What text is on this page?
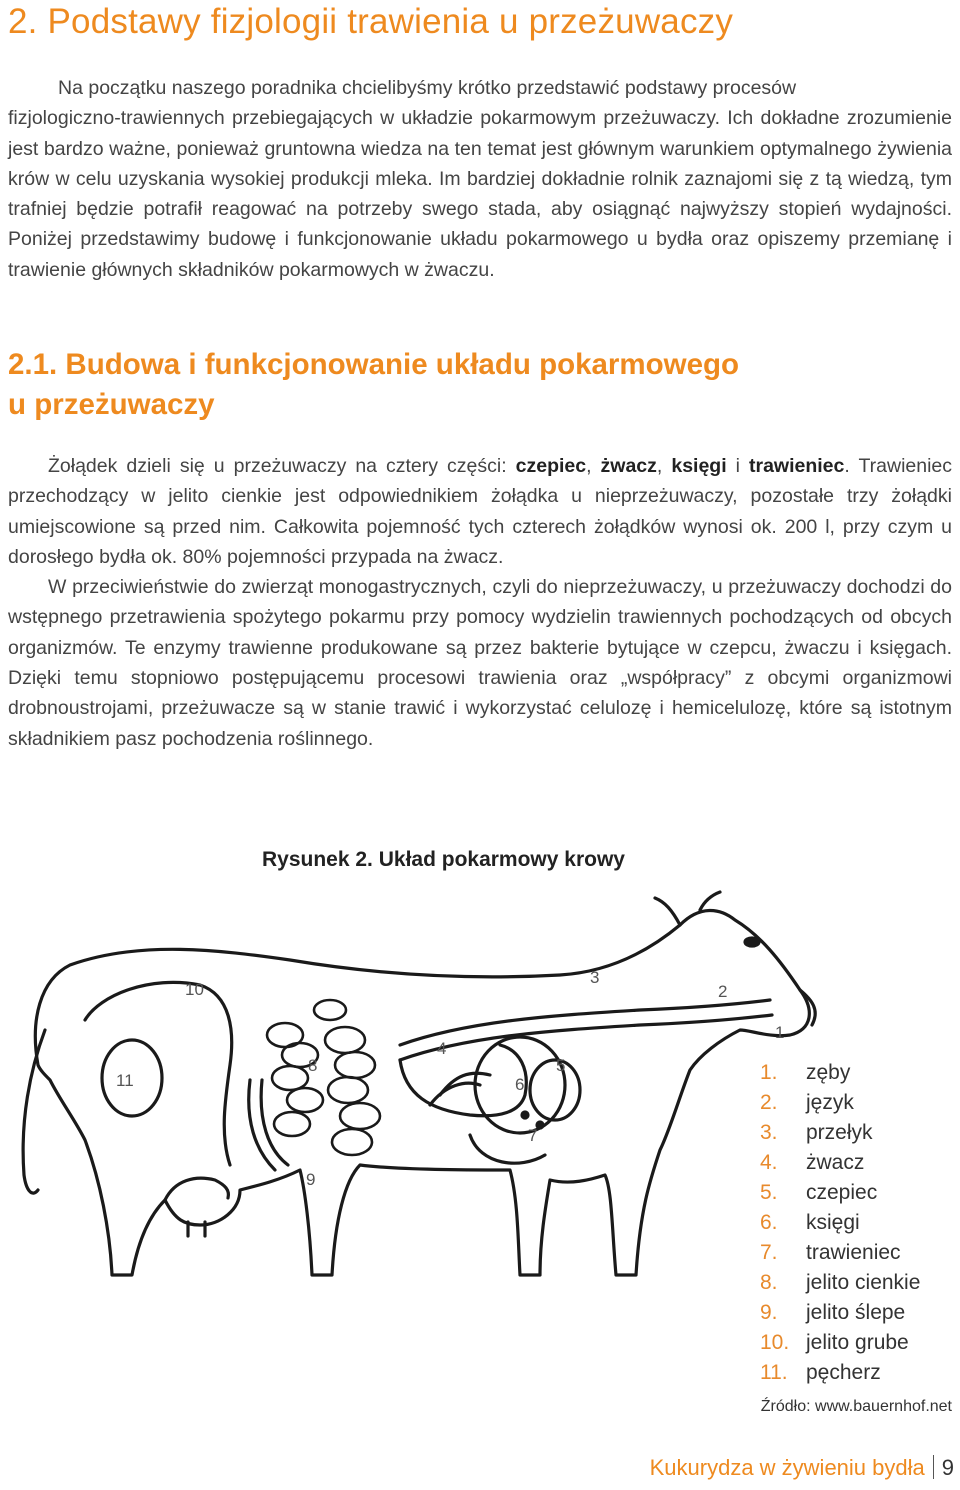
2. Podstawy fizjologii trawienia u przeżuwaczy
Na początku naszego poradnika chcielibyśmy krótko przedstawić podstawy procesów
fizjologiczno-trawiennych przebiegających w układzie pokarmowym przeżuwaczy. Ich dokładne zrozumienie jest bardzo ważne, ponieważ gruntowna wiedza na ten temat jest głównym warunkiem optymalnego żywienia krów w celu uzyskania wysokiej produkcji mleka. Im bardziej dokładnie rolnik zaznajomi się z tą wiedzą, tym trafniej będzie potrafił reagować na potrzeby swego stada, aby osiągnąć najwyższy stopień wydajności. Poniżej przedstawimy budowę i funkcjonowanie układu pokarmowego u bydła oraz opiszemy przemianę i trawienie głównych składników pokarmowych w żwaczu.
2.1. Budowa i funkcjonowanie układu pokarmowego
u przeżuwaczy

Żołądek dzieli się u przeżuwaczy na cztery części: czepiec, żwacz, księgi i trawieniec. Trawieniec przechodzący w jelito cienkie jest odpowiednikiem żołądka u nieprzeżuwaczy, pozostałe trzy żołądki umiejscowione są przed nim. Całkowita pojemność tych czterech żołądków wynosi ok. 200 l, przy czym u dorosłego bydła ok. 80% pojemności przypada na żwacz.

W przeciwieństwie do zwierząt monogastrycznych, czyli do nieprzeżuwaczy, u przeżuwaczy dochodzi do wstępnego przetrawienia spożytego pokarmu przy pomocy wydzielin trawiennych pochodzących od obcych organizmów. Te enzymy trawienne produkowane są przez bakterie bytujące w czepcu, żwaczu i księgach. Dzięki temu stopniowo postępującemu procesowi trawienia oraz „współpracy” z obcymi organizmowi drobnoustrojami, przeżuwacze są w stanie trawić i wykorzystać celulozę i hemicelulozę, które są istotnym składnikiem pasz pochodzenia roślinnego.

Rysunek 2. Układ pokarmowy krowy

1
2
3
4
5
6
7
8
9
10
11	1.	zęby
2.	język
3.	przełyk
4.	żwacz
5.	czepiec
6.	księgi
7.	trawieniec
8.	jelito cienkie
9.	jelito ślepe
10. jelito grube
11. pęcherz

Źródło: www.bauernhof.net

Kukurydza w żywieniu bydła 9
